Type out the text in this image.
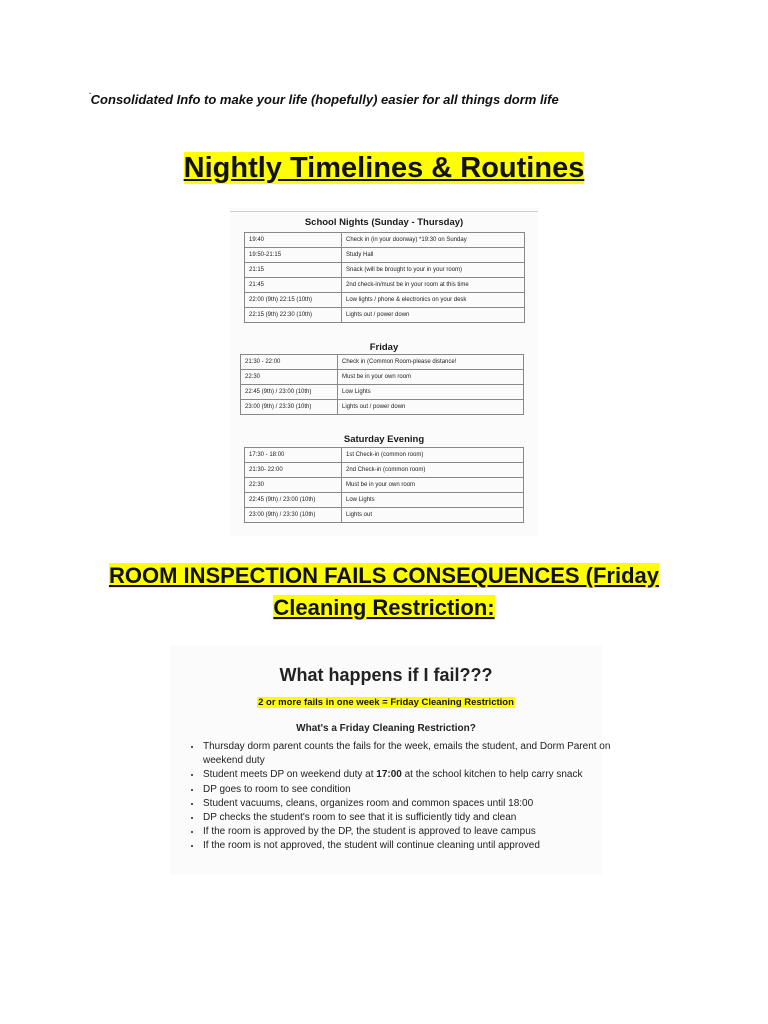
`Consolidated Info to make your life (hopefully) easier for all things dorm life
Nightly Timelines & Routines
School Nights (Sunday - Thursday)
19:40	Check in (in your doorway) *19:30 on Sunday
19:50-21:15	Study Hall
21:15	Snack (will be brought to your in your room)
21:45	2nd check-in/must be in your room at this time
22:00 (9th) 22:15 (10th)	Low lights / phone & electronics on your desk
22:15 (9th) 22:30 (10th)	Lights out / power down
Friday
21:30 - 22:00	Check in (Common Room-please distance!
22:30	Must be in your own room
22:45 (9th) / 23:00 (10th)	Low Lights
23:00 (9th) / 23:30 (10th)	Lights out / power down
Saturday Evening
17:30 - 18:00	1st Check-in (common room)
21:30- 22:00	2nd Check-in (common room)
22:30	Must be in your own room
22:45 (9th) / 23:00 (10th)	Low Lights
23:00 (9th) / 23:30 (10th)	Lights out
ROOM INSPECTION FAILS CONSEQUENCES (Friday
Cleaning Restriction:
What happens if I fail???
2 or more fails in one week = Friday Cleaning Restriction
What's a Friday Cleaning Restriction?
• Thursday dorm parent counts the fails for the week, emails the student, and Dorm Parent on weekend duty
• Student meets DP on weekend duty at 17:00 at the school kitchen to help carry snack
• DP goes to room to see condition
• Student vacuums, cleans, organizes room and common spaces until 18:00
• DP checks the student's room to see that it is sufficiently tidy and clean
• If the room is approved by the DP, the student is approved to leave campus
• If the room is not approved, the student will continue cleaning until approved
